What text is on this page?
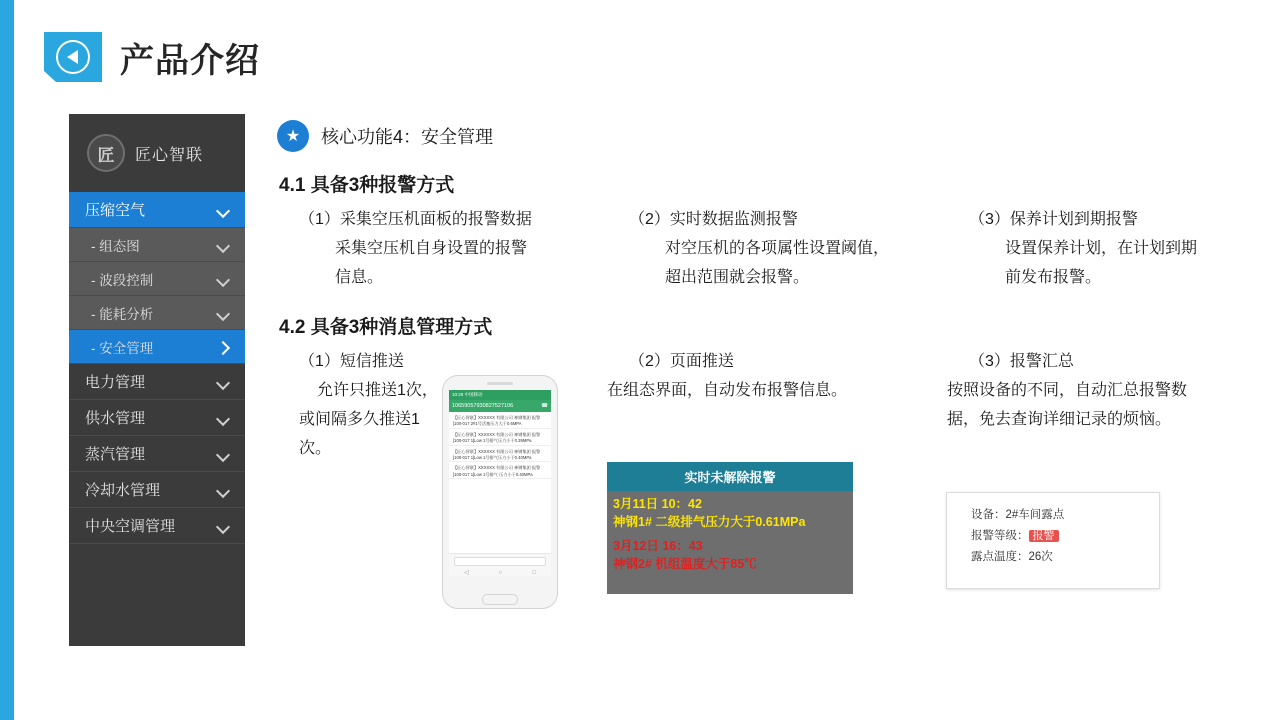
产品介绍
匠	匠心智联
压缩空气
- 组态图
- 波段控制
- 能耗分析
- 安全管理
电力管理
供水管理
蒸汽管理
冷却水管理
中央空调管理
★	核心功能4：安全管理
4.1 具备3种报警方式
（1）采集空压机面板的报警数据
采集空压机自身设置的报警
信息。
（2）实时数据监测报警
对空压机的各项属性设置阈值，
超出范围就会报警。
（3）保养计划到期报警
设置保养计划，在计划到期
前发布报警。
4.2 具备3种消息管理方式
（1）短信推送
允许只推送1次，
或间隔多久推送1
次。
（2）页面推送
在组态界面，自动发布报警信息。
（3）报警汇总
按照设备的不同，自动汇总报警数
据，免去查询详细记录的烦恼。
10:28 中国移动
10659057930827527106	☎
【匠心智联】XXXXXX 有限公司 神钢集团 报警[100-017 2#1号活塞压力大于0.6MPA
【匠心智联】XXXXXX 有限公司 神钢集团 报警[100-017 1]Low 1号排气压力小于0.39MPa
【匠心智联】XXXXXX 有限公司 神钢集团 报警[100-017 1]Low 1号排气压力小于0.40MPa
【匠心智联】XXXXXX 有限公司 神钢集团 报警[100-017 1]Low 1号排气 压力小于0.40MPa
◁	○	□
实时未解除报警
3月11日 10：42
神钢1# 二级排气压力大于0.61MPa
3月12日 16：43
神钢2# 机组温度大于85℃
设备：2#车间露点
报警等级： 报警
露点温度：26次
